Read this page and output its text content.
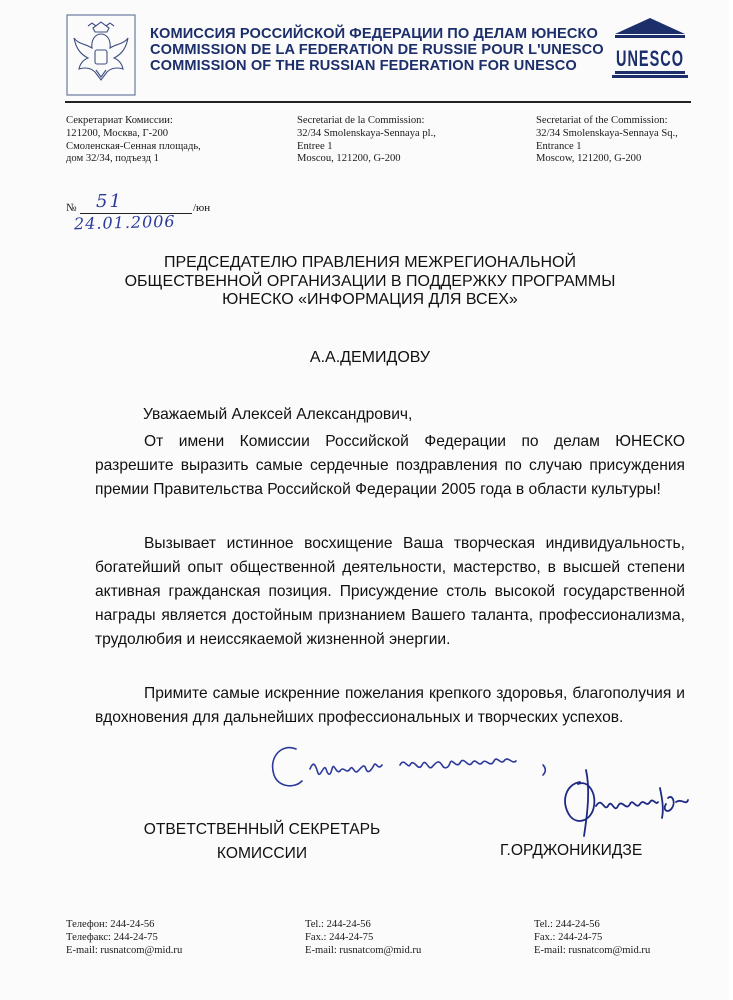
КОМИССИЯ РОССИЙСКОЙ ФЕДЕРАЦИИ ПО ДЕЛАМ ЮНЕСКО
COMMISSION DE LA FEDERATION DE RUSSIE POUR L'UNESCO
COMMISSION OF THE RUSSIAN FEDERATION FOR UNESCO	UNESCO
Секретариат Комиссии:
121200, Москва, Г-200
Смоленская-Сенная площадь,
дом 32/34, подъезд 1
Secretariat de la Commission:
32/34 Smolenskaya-Sennaya pl.,
Entree 1
Moscou, 121200, G-200
Secretariat of the Commission:
32/34 Smolenskaya-Sennaya Sq.,
Entrance 1
Moscow, 121200, G-200
№ 51	/юн
24.01.2006
ПРЕДСЕДАТЕЛЮ ПРАВЛЕНИЯ МЕЖРЕГИОНАЛЬНОЙ
ОБЩЕСТВЕННОЙ ОРГАНИЗАЦИИ В ПОДДЕРЖКУ ПРОГРАММЫ
ЮНЕСКО «ИНФОРМАЦИЯ ДЛЯ ВСЕХ»
А.А.ДЕМИДОВУ
Уважаемый Алексей Александрович,
От имени Комиссии Российской Федерации по делам ЮНЕСКО разрешите выразить самые сердечные поздравления по случаю присуждения премии Правительства Российской Федерации 2005 года в области культуры!
Вызывает истинное восхищение Ваша творческая индивидуальность, богатейший опыт общественной деятельности, мастерство, в высшей степени активная гражданская позиция. Присуждение столь высокой государственной награды является достойным признанием Вашего таланта, профессионализма, трудолюбия и неиссякаемой жизненной энергии.
Примите самые искренние пожелания крепкого здоровья, благополучия и вдохновения для дальнейших профессиональных и творческих успехов.
ОТВЕТСТВЕННЫЙ СЕКРЕТАРЬ
КОМИССИИ	Г.ОРДЖОНИКИДЗЕ
Телефон: 244-24-56
Телефакс: 244-24-75
E-mail: rusnatcom@mid.ru
Tel.: 244-24-56
Fax.: 244-24-75
E-mail: rusnatcom@mid.ru
Tel.: 244-24-56
Fax.: 244-24-75
E-mail: rusnatcom@mid.ru
